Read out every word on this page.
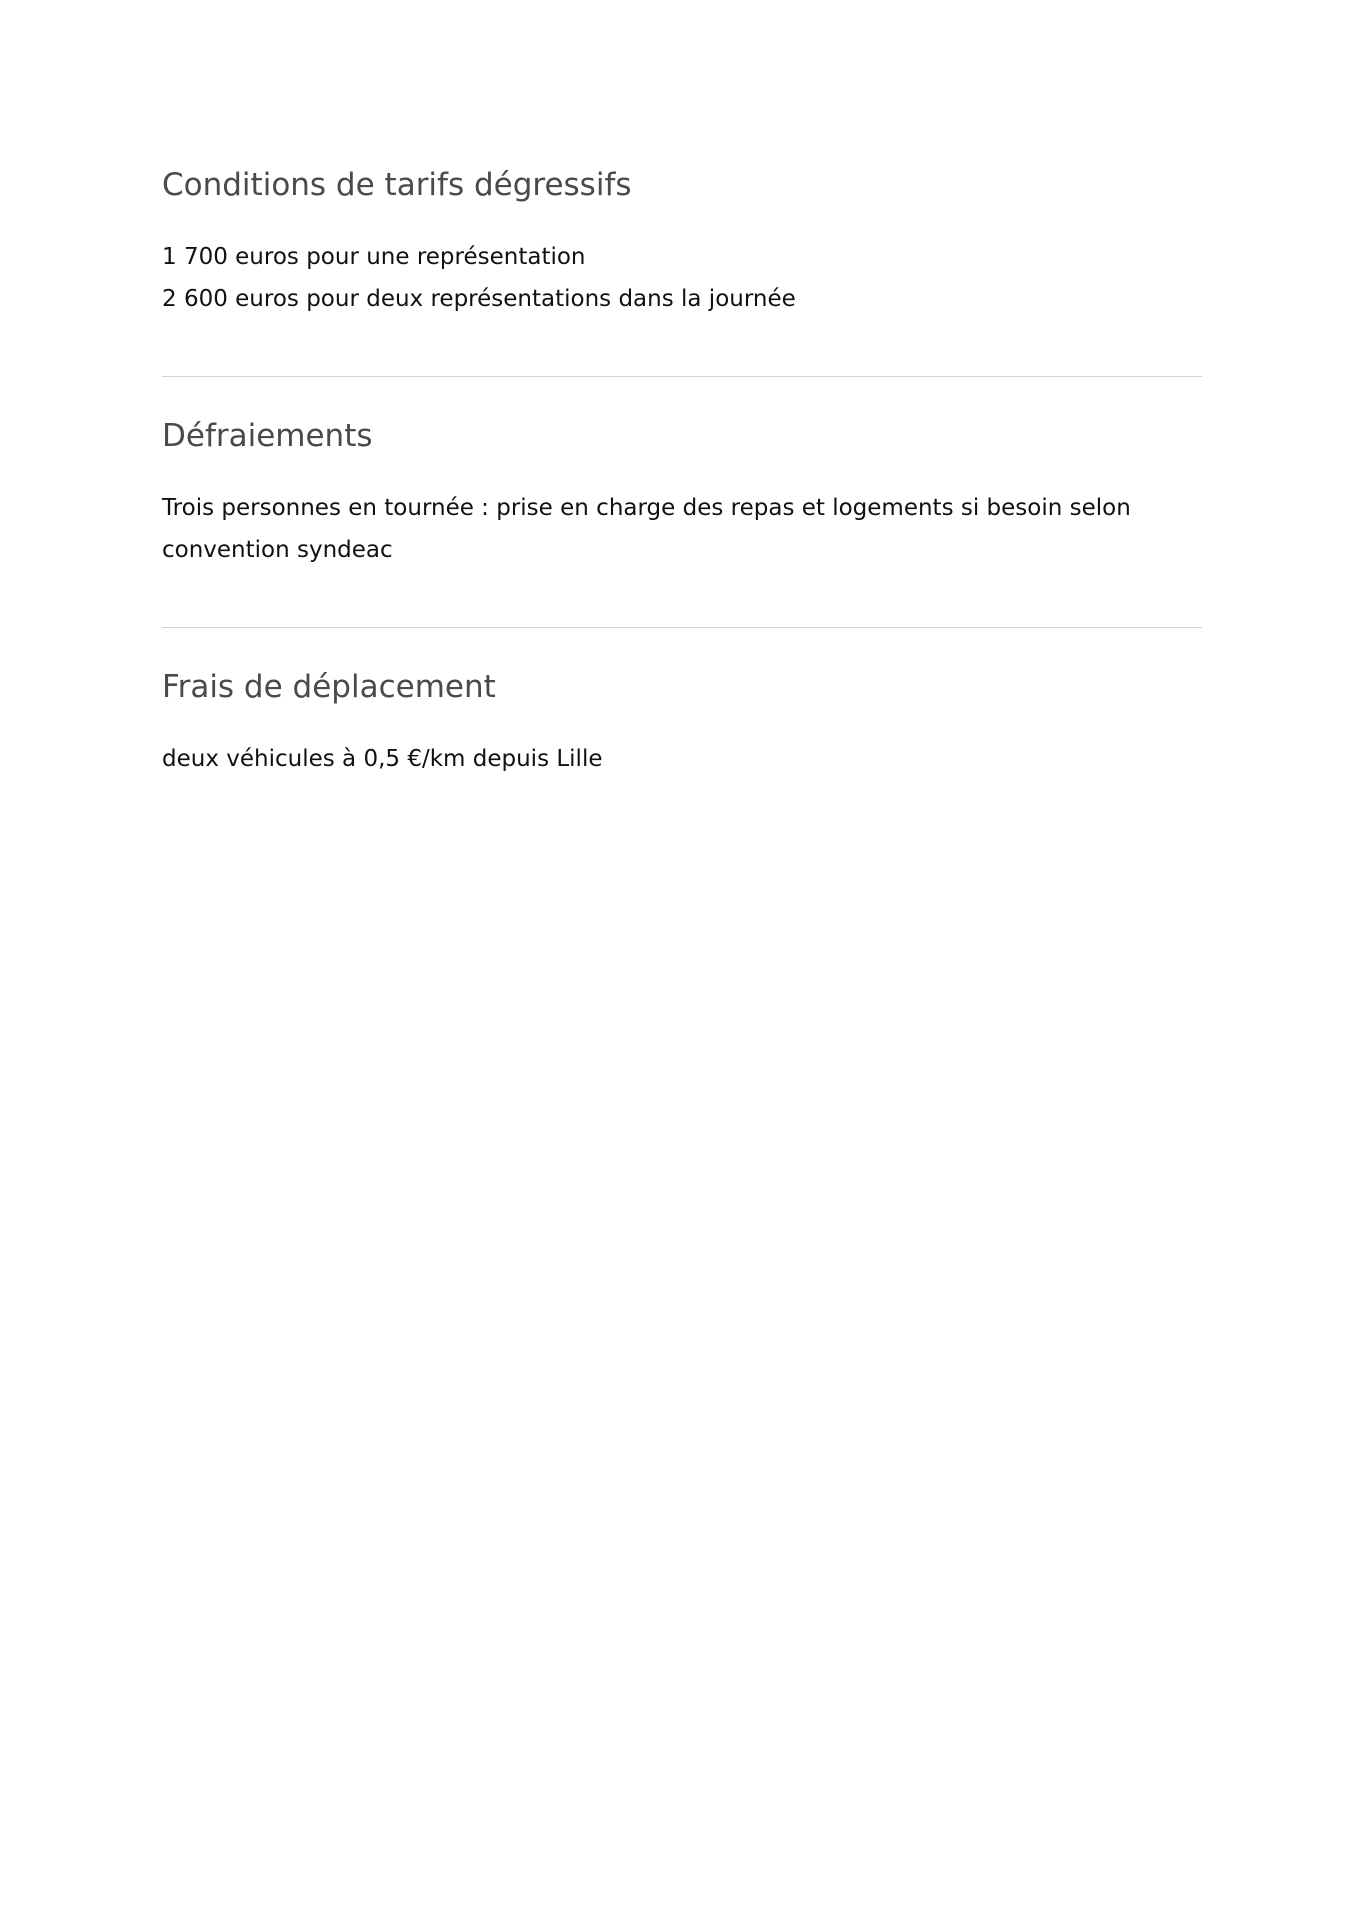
Conditions de tarifs dégressifs

1 700 euros pour une représentation

2 600 euros pour deux représentations dans la journée

Défraiements

Trois personnes en tournée : prise en charge des repas et logements si besoin selon convention syndeac

Frais de déplacement

deux véhicules à 0,5 €/km depuis Lille
